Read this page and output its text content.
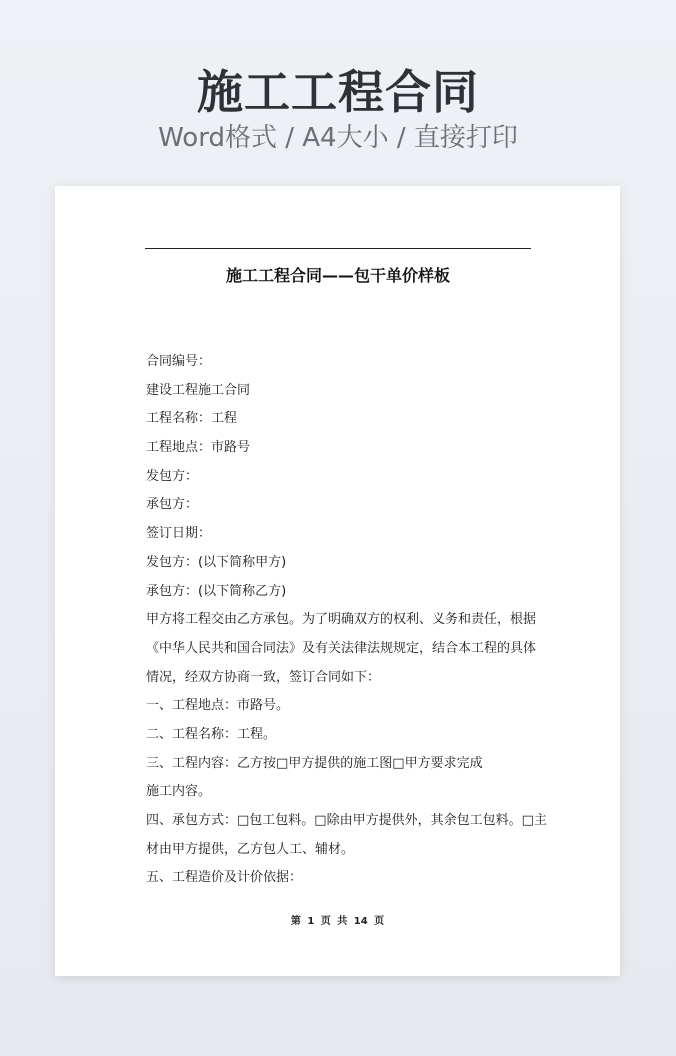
施工工程合同
Word格式 / A4大小 / 直接打印
施工工程合同——包干单价样板
合同编号：
建设工程施工合同
工程名称：工程
工程地点：市路号
发包方：
承包方：
签订日期：
发包方：(以下简称甲方)
承包方：(以下简称乙方)
甲方将工程交由乙方承包。为了明确双方的权利、义务和责任，根据
《中华人民共和国合同法》及有关法律法规规定，结合本工程的具体
情况，经双方协商一致，签订合同如下：
一、工程地点：市路号。
二、工程名称：工程。
三、工程内容：乙方按□甲方提供的施工图□甲方要求完成
施工内容。
四、承包方式：□包工包料。□除由甲方提供外，其余包工包料。□主
材由甲方提供，乙方包人工、辅材。
五、工程造价及计价依据：
第 1 页 共 14 页
